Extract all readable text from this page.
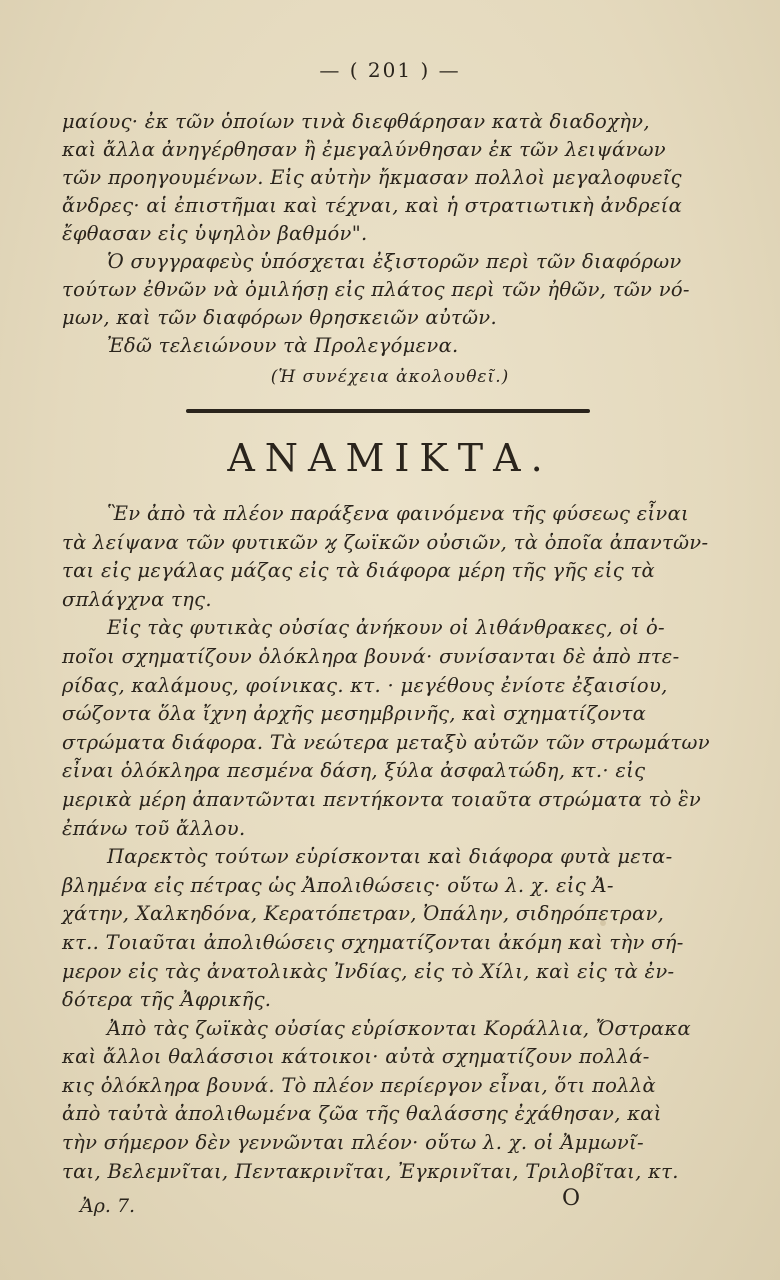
— ( 201 ) —
μαίους· ἐκ τῶν ὁποίων τινὰ διεφθάρησαν κατὰ διαδοχὴν,
καὶ ἄλλα ἀνηγέρθησαν ἢ ἐμεγαλύνθησαν ἐκ τῶν λειψάνων
τῶν προηγουμένων. Εἰς αὐτὴν ἤκμασαν πολλοὶ μεγαλοφυεῖς
ἄνδρες· αἱ ἐπιστῆμαι καὶ τέχναι, καὶ ἡ στρατιωτικὴ ἀνδρεία
ἔφθασαν εἰς ὑψηλὸν βαθμόν".
Ὁ συγγραφεὺς ὑπόσχεται ἐξιστορῶν περὶ τῶν διαφόρων
τούτων ἐθνῶν νὰ ὁμιλήσῃ εἰς πλάτος περὶ τῶν ἠθῶν, τῶν νό-
μων, καὶ τῶν διαφόρων θρησκειῶν αὐτῶν.
Ἐδῶ τελειώνουν τὰ Προλεγόμενα.
(Ἡ συνέχεια ἀκολουθεῖ.)
ΑΝΑΜΙΚΤΑ.
Ἓν ἀπὸ τὰ πλέον παράξενα φαινόμενα τῆς φύσεως εἶναι
τὰ λείψανα τῶν φυτικῶν ϗ ζωϊκῶν οὐσιῶν, τὰ ὁποῖα ἀπαντῶν-
ται εἰς μεγάλας μάζας εἰς τὰ διάφορα μέρη τῆς γῆς εἰς τὰ
σπλάγχνα της.
Εἰς τὰς φυτικὰς οὐσίας ἀνήκουν οἱ λιθάνθρακες, οἱ ὁ-
ποῖοι σχηματίζουν ὁλόκληρα βουνά· συνίσανται δὲ ἀπὸ πτε-
ρίδας, καλάμους, φοίνικας. κτ. · μεγέθους ἐνίοτε ἐξαισίου,
σώζοντα ὅλα ἴχνη ἀρχῆς μεσημβρινῆς, καὶ σχηματίζοντα
στρώματα διάφορα. Τὰ νεώτερα μεταξὺ αὐτῶν τῶν στρωμάτων
εἶναι ὁλόκληρα πεσμένα δάση, ξύλα ἀσφαλτώδη, κτ.· εἰς
μερικὰ μέρη ἀπαντῶνται πεντήκοντα τοιαῦτα στρώματα τὸ ἓν
ἐπάνω τοῦ ἄλλου.
Παρεκτὸς τούτων εὑρίσκονται καὶ διάφορα φυτὰ μετα-
βλημένα εἰς πέτρας ὡς Ἀπολιθώσεις· οὕτω λ. χ. εἰς Ἀ-
χάτην, Χαλκηδόνα, Κερατόπετραν, Ὀπάλην, σιδηρόπετραν,
κτ.. Τοιαῦται ἀπολιθώσεις σχηματίζονται ἀκόμη καὶ τὴν σή-
μερον εἰς τὰς ἀνατολικὰς Ἰνδίας, εἰς τὸ Χίλι, καὶ εἰς τὰ ἐν-
δότερα τῆς Ἀφρικῆς.
Ἀπὸ τὰς ζωϊκὰς οὐσίας εὑρίσκονται Κοράλλια, Ὄστρακα
καὶ ἄλλοι θαλάσσιοι κάτοικοι· αὐτὰ σχηματίζουν πολλά-
κις ὁλόκληρα βουνά. Τὸ πλέον περίεργον εἶναι, ὅτι πολλὰ
ἀπὸ ταὐτὰ ἀπολιθωμένα ζῶα τῆς θαλάσσης ἐχάθησαν, καὶ
τὴν σήμερον δὲν γεννῶνται πλέον· οὕτω λ. χ. οἱ Ἀμμωνῖ-
ται, Βελεμνῖται, Πεντακρινῖται, Ἐγκρινῖται, Τριλοβῖται, κτ.
Ἀρ. 7.	Ο
